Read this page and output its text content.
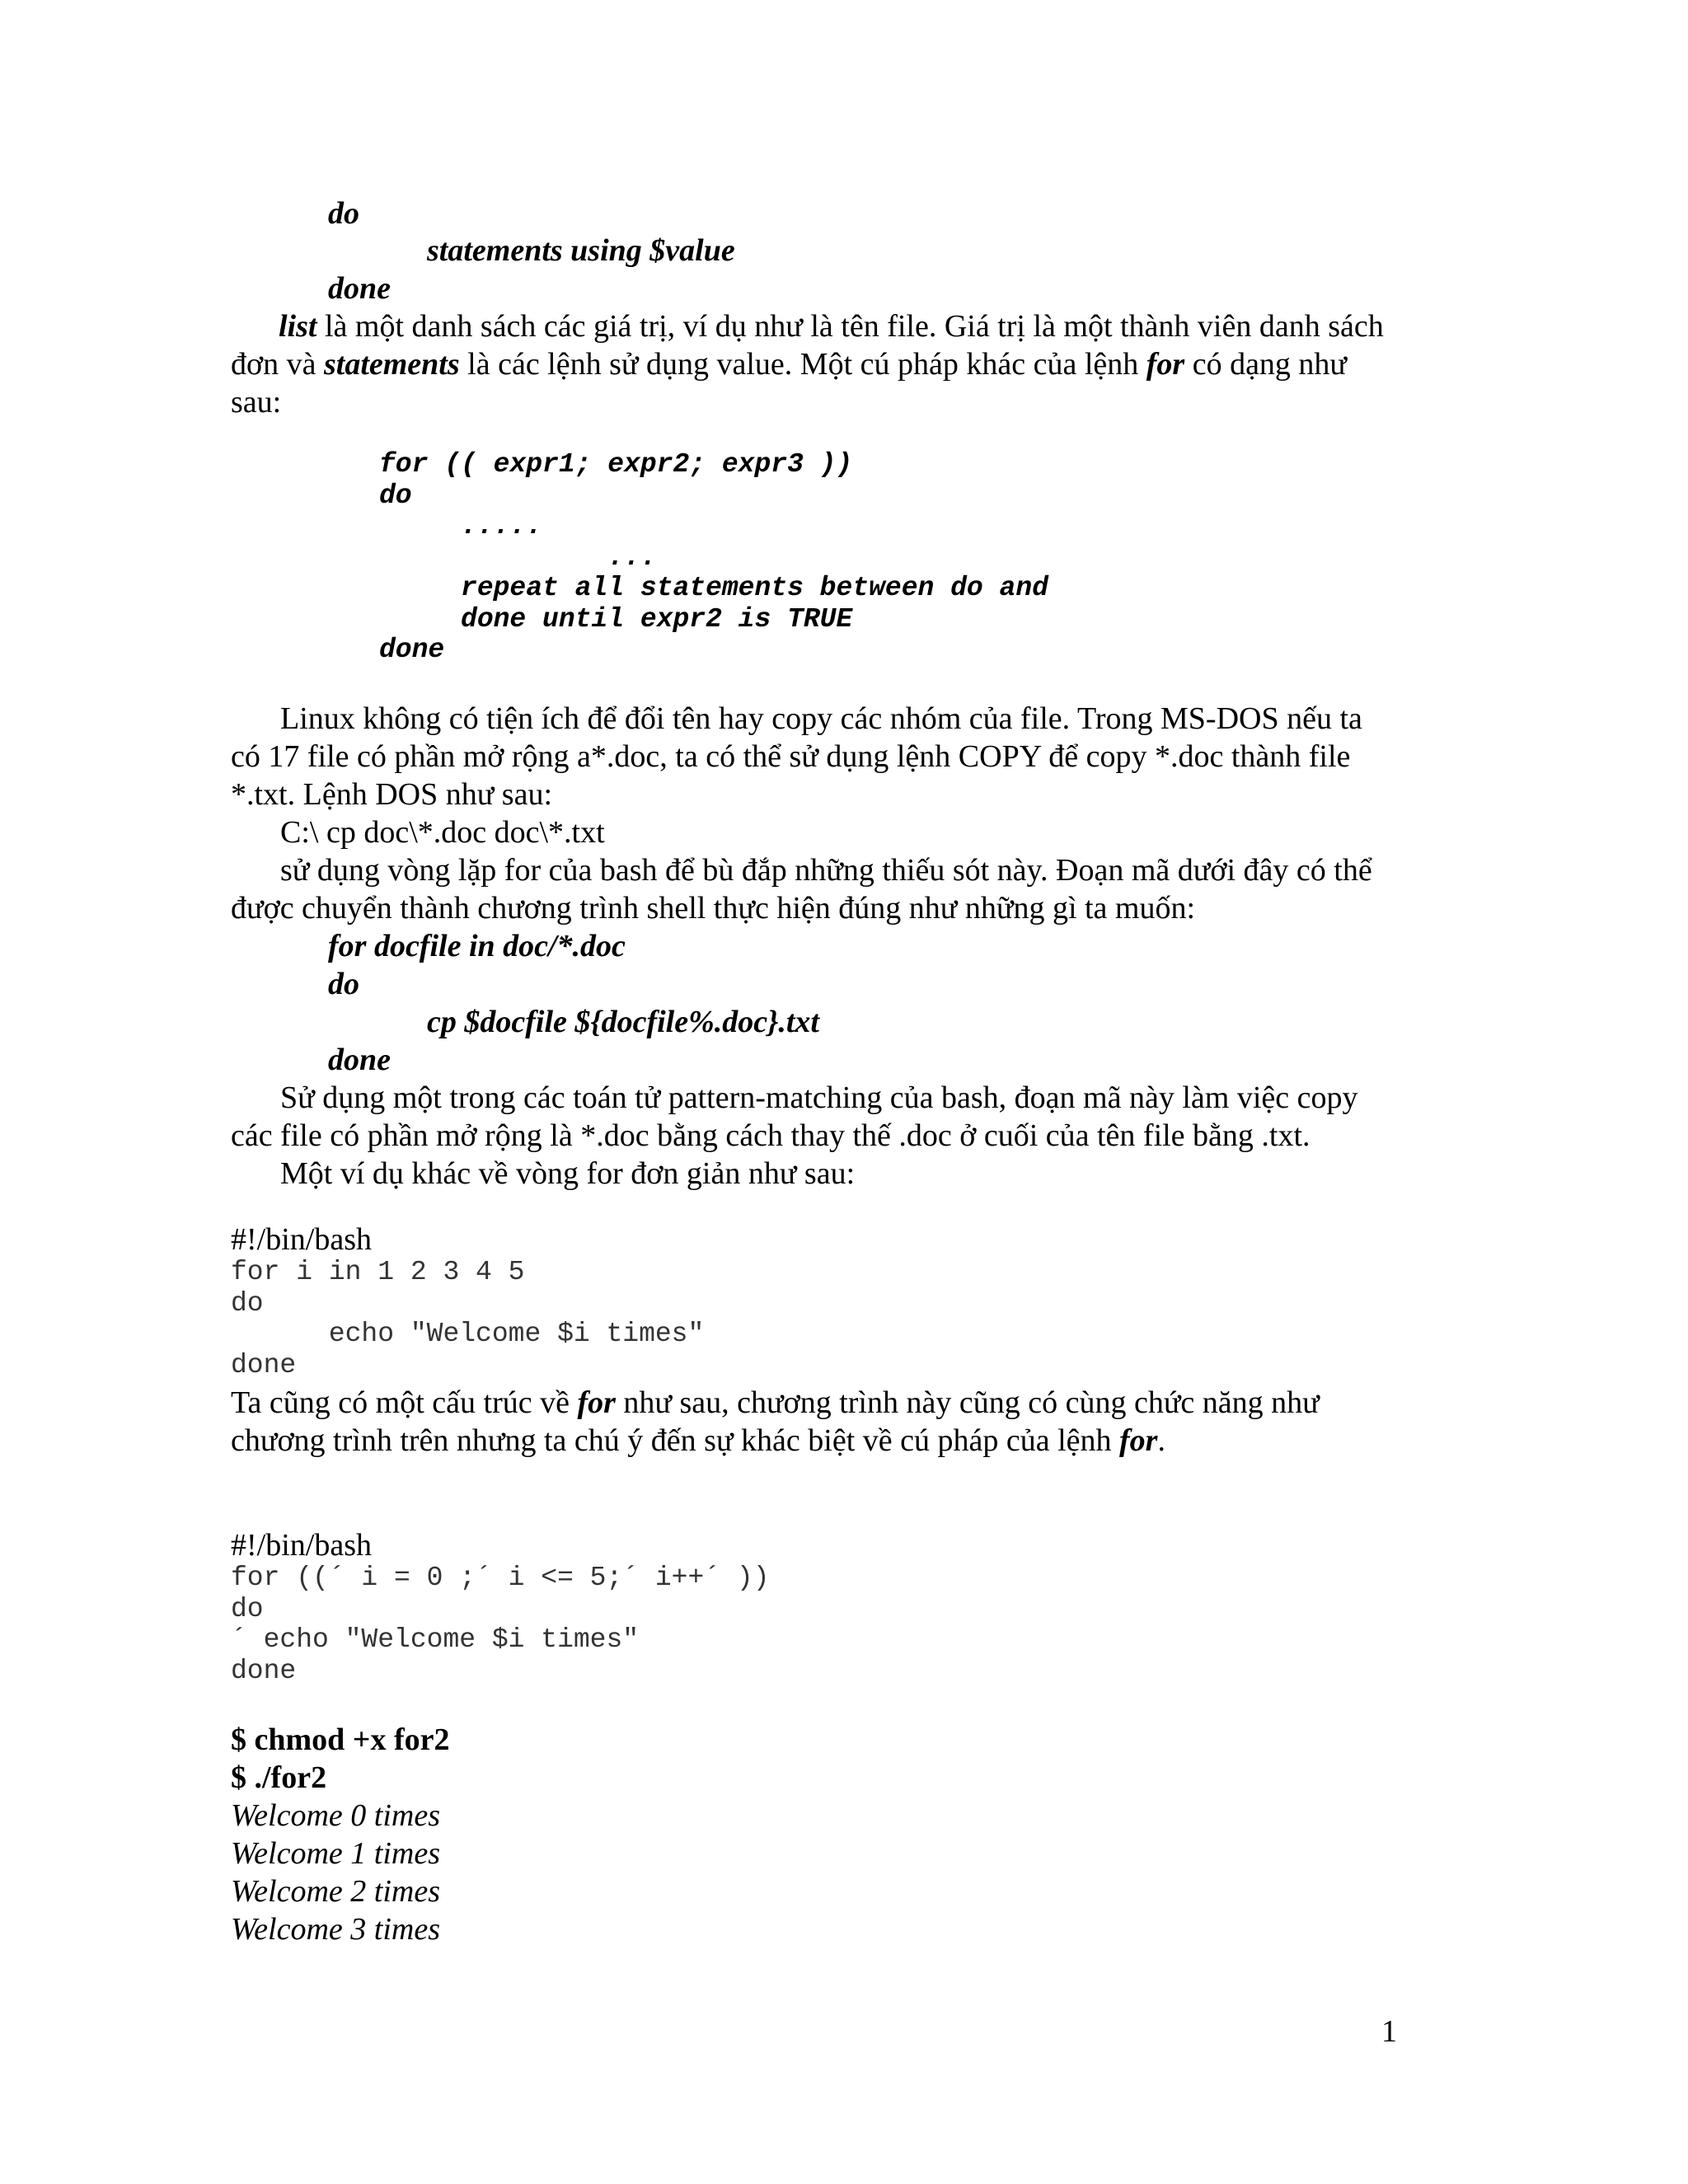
do
statements using $value
done
list là một danh sách các giá trị, ví dụ như là tên file. Giá trị là một thành viên danh sách
đơn và statements là các lệnh sử dụng value. Một cú pháp khác của lệnh for có dạng như
sau:
for (( expr1; expr2; expr3 ))
do
.....
...
repeat all statements between do and
done until expr2 is TRUE
done
Linux không có tiện ích để đổi tên hay copy các nhóm của file. Trong MS-DOS nếu ta
có 17 file có phần mở rộng a*.doc, ta có thể sử dụng lệnh COPY để copy *.doc thành file
*.txt. Lệnh DOS như sau:
C:\ cp doc\*.doc doc\*.txt
sử dụng vòng lặp for của bash để bù đắp những thiếu sót này. Đoạn mã dưới đây có thể
được chuyển thành chương trình shell thực hiện đúng như những gì ta muốn:
for docfile in doc/*.doc
do
cp $docfile ${docfile%.doc}.txt
done
Sử dụng một trong các toán tử pattern-matching của bash, đoạn mã này làm việc copy
các file có phần mở rộng là *.doc bằng cách thay thế .doc ở cuối của tên file bằng .txt.
Một ví dụ khác về vòng for đơn giản như sau:
#!/bin/bash
for i in 1 2 3 4 5
do
echo "Welcome $i times"
done
Ta cũng có một cấu trúc về for như sau, chương trình này cũng có cùng chức năng như
chương trình trên nhưng ta chú ý đến sự khác biệt về cú pháp của lệnh for.
#!/bin/bash
for ((´ i = 0 ;´ i <= 5;´ i++´ ))
do
´ echo "Welcome $i times"
done
$ chmod +x for2
$ ./for2
Welcome 0 times
Welcome 1 times
Welcome 2 times
Welcome 3 times
1
